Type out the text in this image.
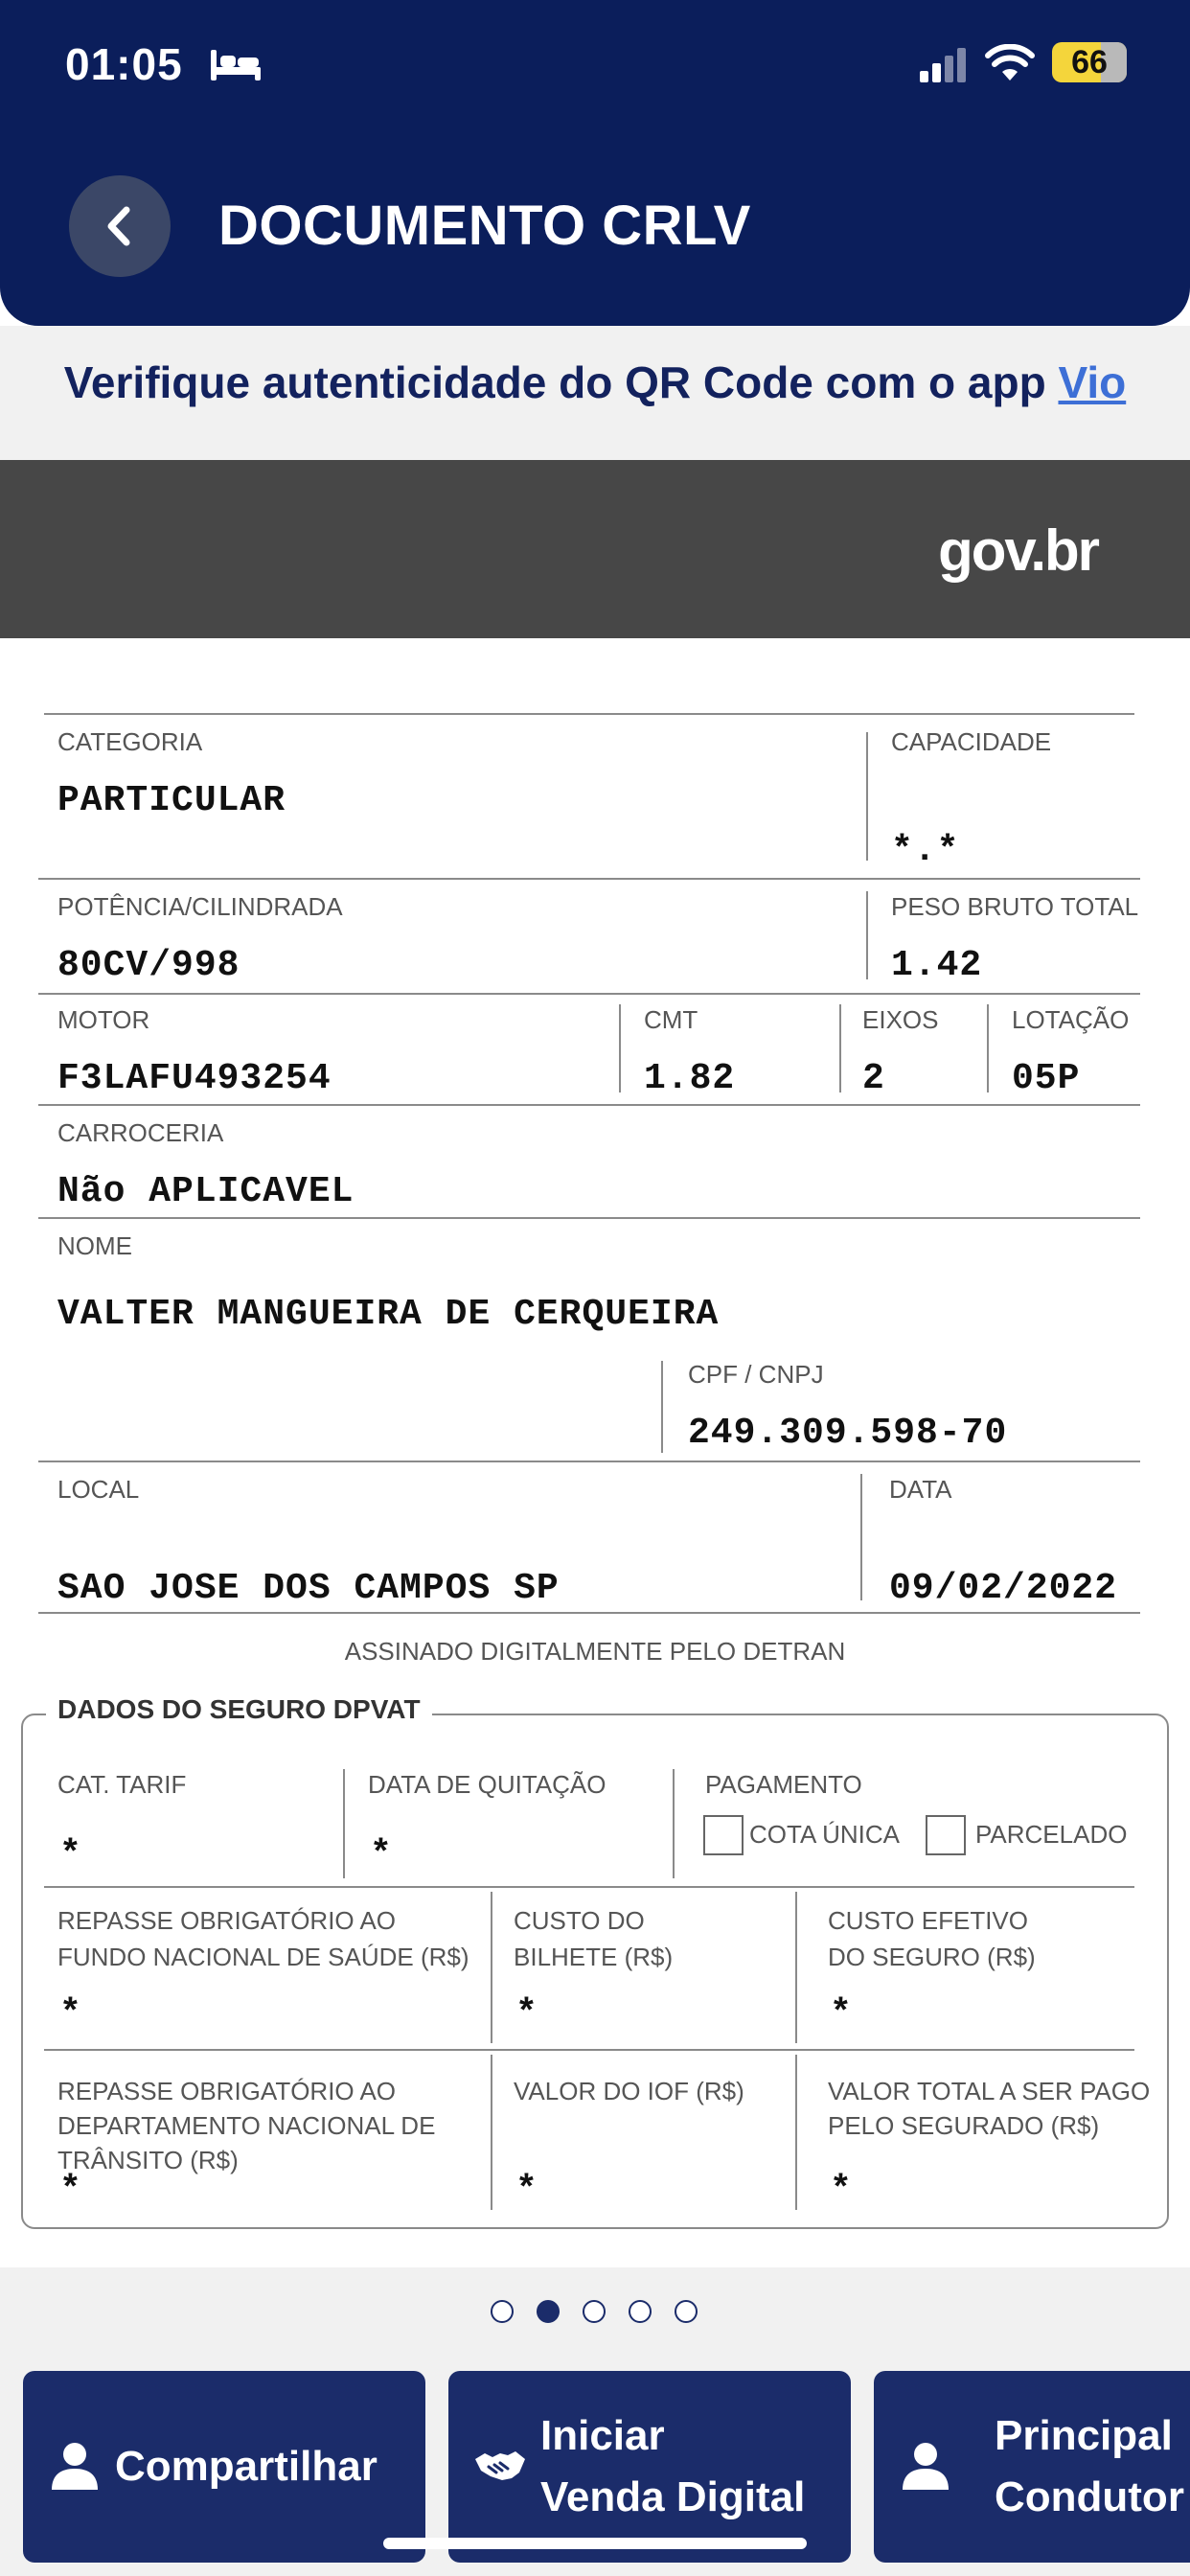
01:05	66
DOCUMENTO CRLV
Verifique autenticidade do QR Code com o app Vio
gov.br
CATEGORIA
PARTICULAR
CAPACIDADE
*.*
POTÊNCIA/CILINDRADA
80CV/998
PESO BRUTO TOTAL
1.42
MOTOR
F3LAFU493254
CMT
1.82
EIXOS
2
LOTAÇÃO
05P
CARROCERIA
Não APLICAVEL
NOME
VALTER MANGUEIRA DE CERQUEIRA
CPF / CNPJ
249.309.598-70
LOCAL
SAO JOSE DOS CAMPOS SP
DATA
09/02/2022
ASSINADO DIGITALMENTE PELO DETRAN
DADOS DO SEGURO DPVAT
CAT. TARIF
*
DATA DE QUITAÇÃO
*
PAGAMENTO
COTA ÚNICA	PARCELADO
REPASSE OBRIGATÓRIO AO
FUNDO NACIONAL DE SAÚDE (R$)
*
CUSTO DO
BILHETE (R$)
*
CUSTO EFETIVO
DO SEGURO (R$)
*
REPASSE OBRIGATÓRIO AO
DEPARTAMENTO NACIONAL DE
TRÂNSITO (R$)
*
VALOR DO IOF (R$)
*
VALOR TOTAL A SER PAGO
PELO SEGURADO (R$)
*
Compartilhar
Iniciar
Venda Digital
Principal
Condutor
